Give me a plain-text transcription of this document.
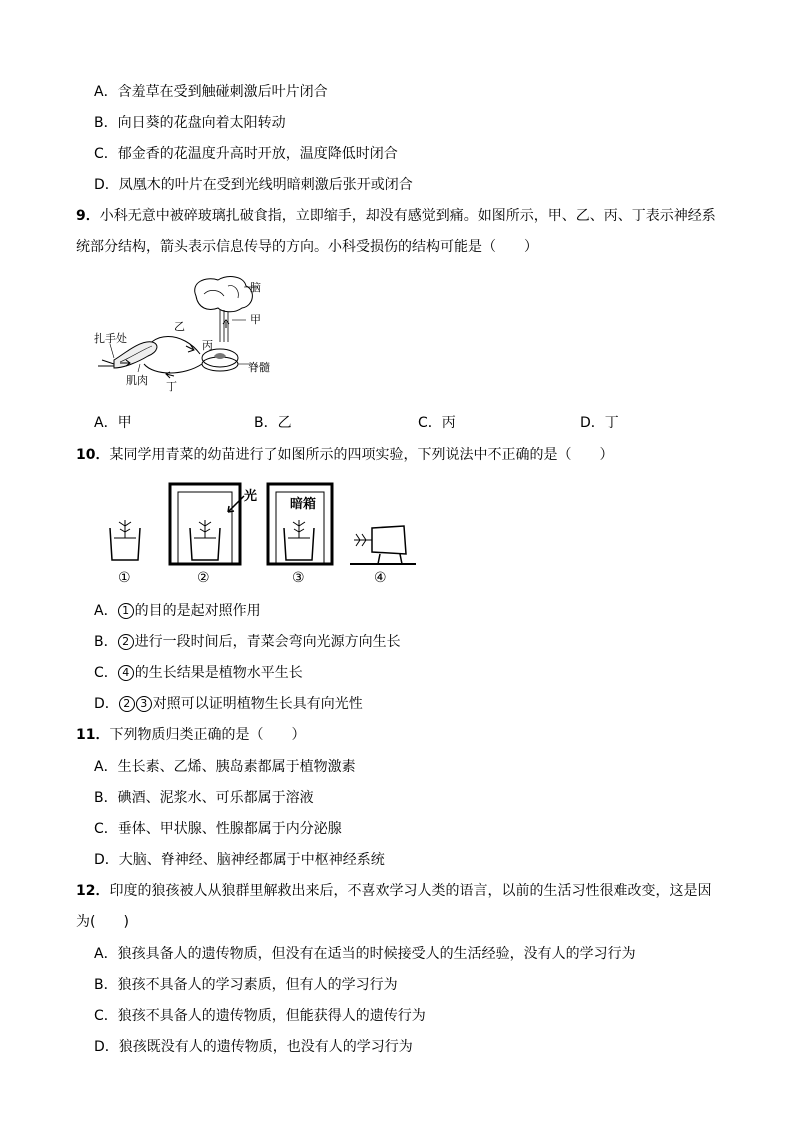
A．含羞草在受到触碰刺激后叶片闭合
B．向日葵的花盘向着太阳转动
C．郁金香的花温度升高时开放，温度降低时闭合
D．凤凰木的叶片在受到光线明暗刺激后张开或闭合
9．小科无意中被碎玻璃扎破食指，立即缩手，却没有感觉到痛。如图所示，甲、乙、丙、丁表示神经系
统部分结构，箭头表示信息传导的方向。小科受损伤的结构可能是（　　）
脑
甲
脊髓
丙
乙
丁
扎手处
肌肉
A．甲	B．乙	C．丙	D．丁
10．某同学用青菜的幼苗进行了如图所示的四项实验，下列说法中不正确的是（　　）
①
光
②
暗箱
③	④
A． 1 的目的是起对照作用
B． 2 进行一段时间后，青菜会弯向光源方向生长
C． 4 的生长结果是植物水平生长
D． 2 3 对照可以证明植物生长具有向光性
11．下列物质归类正确的是（　　）
A．生长素、乙烯、胰岛素都属于植物激素
B．碘酒、泥浆水、可乐都属于溶液
C．垂体、甲状腺、性腺都属于内分泌腺
D．大脑、脊神经、脑神经都属于中枢神经系统
12．印度的狼孩被人从狼群里解救出来后，不喜欢学习人类的语言，以前的生活习性很难改变，这是因
为(　　)
A．狼孩具备人的遗传物质，但没有在适当的时候接受人的生活经验，没有人的学习行为
B．狼孩不具备人的学习素质，但有人的学习行为
C．狼孩不具备人的遗传物质，但能获得人的遗传行为
D．狼孩既没有人的遗传物质，也没有人的学习行为
